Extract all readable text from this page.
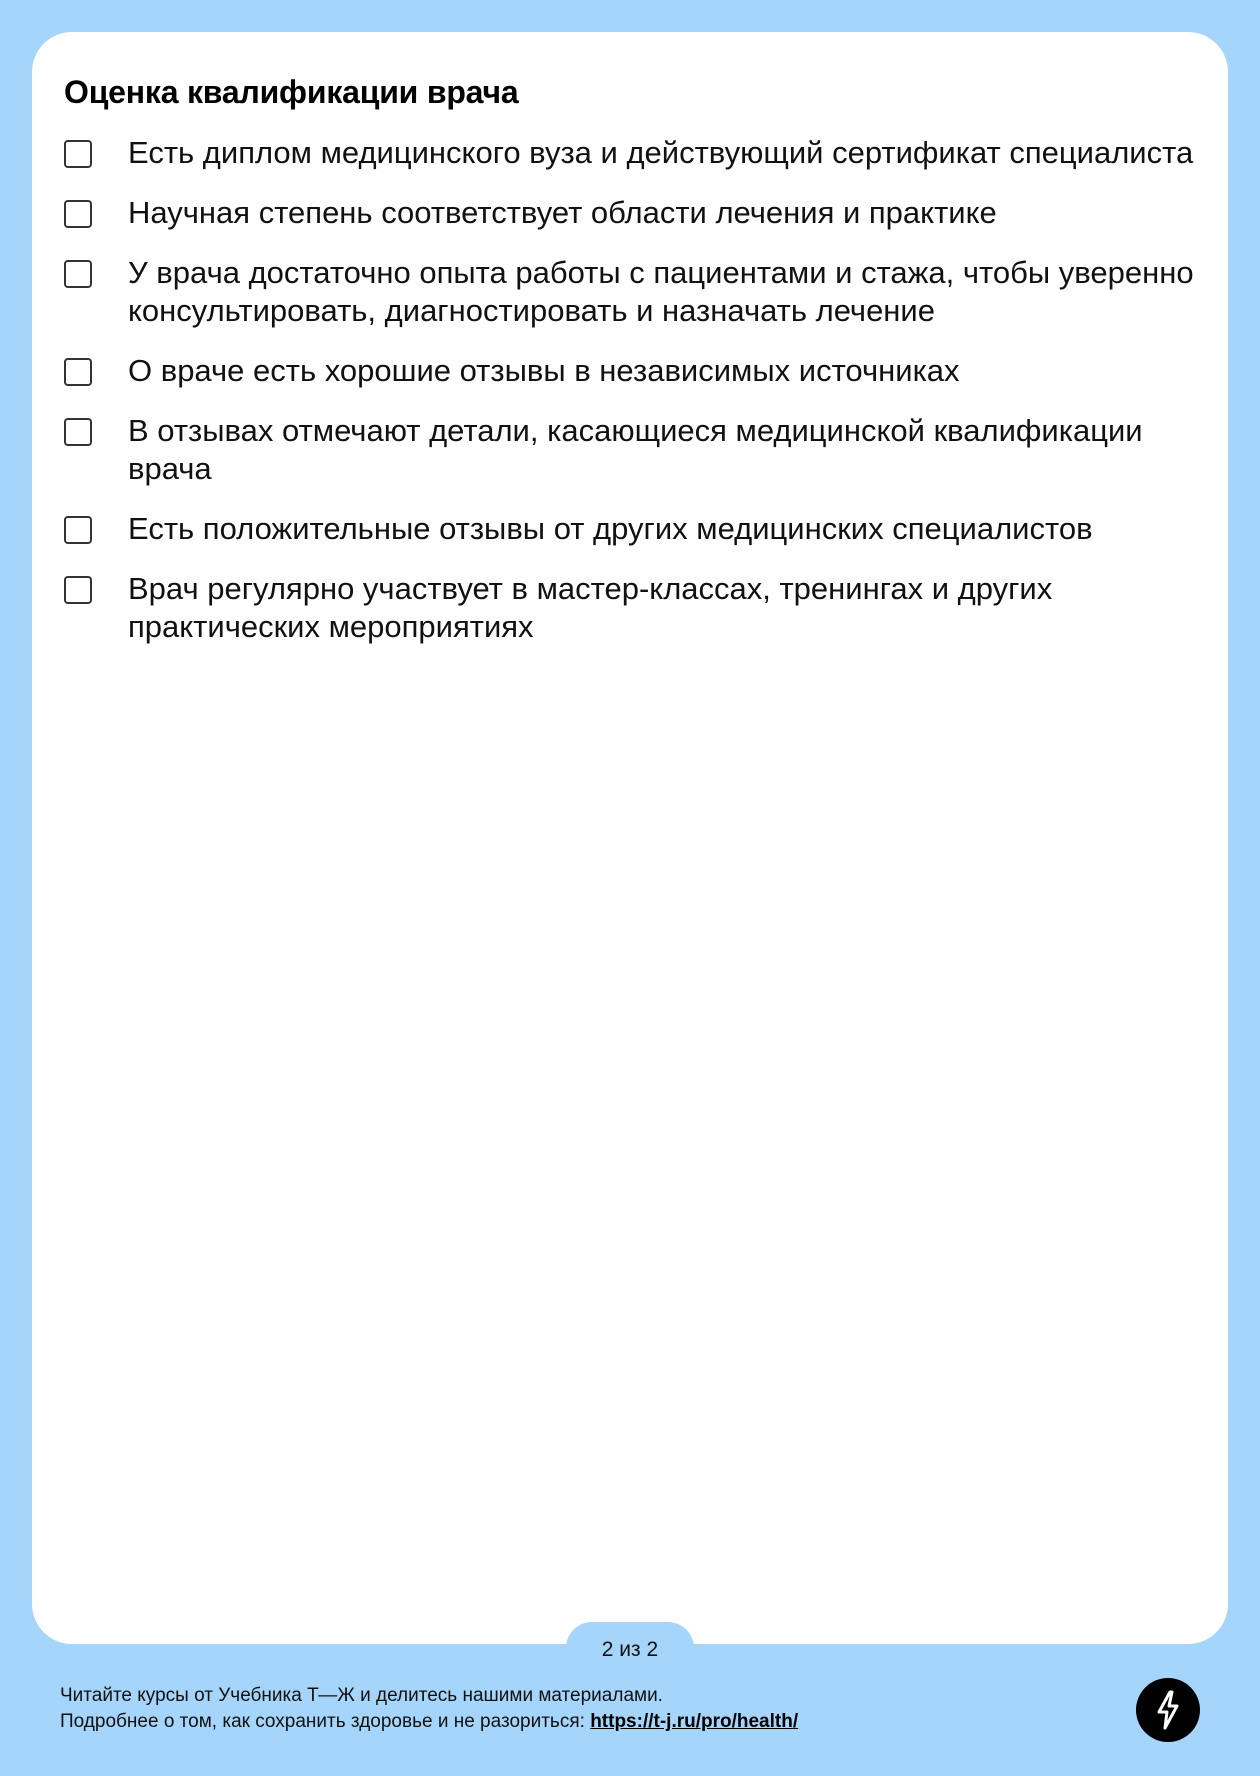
Оценка квалификации врача
Есть диплом медицинского вуза и действующий сертификат специалиста
Научная степень соответствует области лечения и практике
У врача достаточно опыта работы с пациентами и стажа, чтобы уверенно консультировать, диагностировать и назначать лечение
О враче есть хорошие отзывы в независимых источниках
В отзывах отмечают детали, касающиеся медицинской квалификации врача
Есть положительные отзывы от других медицинских специалистов
Врач регулярно участвует в мастер-классах, тренингах и других практических мероприятиях
2 из 2
Читайте курсы от Учебника Т—Ж и делитесь нашими материалами.
Подробнее о том, как сохранить здоровье и не разориться: https://t-j.ru/pro/health/
